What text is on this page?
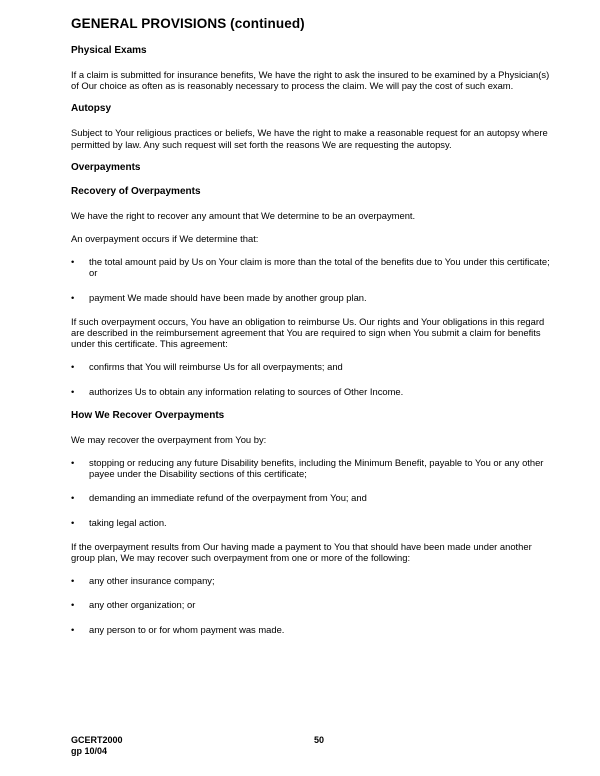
GENERAL PROVISIONS (continued)
Physical Exams

If a claim is submitted for insurance benefits, We have the right to ask the insured to be examined by a Physician(s) of Our choice as often as is reasonably necessary to process the claim. We will pay the cost of such exam.

Autopsy

Subject to Your religious practices or beliefs, We have the right to make a reasonable request for an autopsy where permitted by law. Any such request will set forth the reasons We are requesting the autopsy.

Overpayments
Recovery of Overpayments

We have the right to recover any amount that We determine to be an overpayment.

An overpayment occurs if We determine that:

• the total amount paid by Us on Your claim is more than the total of the benefits due to You under this certificate; or
• payment We made should have been made by another group plan.

If such overpayment occurs, You have an obligation to reimburse Us. Our rights and Your obligations in this regard are described in the reimbursement agreement that You are required to sign when You submit a claim for benefits under this certificate. This agreement:

• confirms that You will reimburse Us for all overpayments; and
• authorizes Us to obtain any information relating to sources of Other Income.
How We Recover Overpayments

We may recover the overpayment from You by:

• stopping or reducing any future Disability benefits, including the Minimum Benefit, payable to You or any other payee under the Disability sections of this certificate;
• demanding an immediate refund of the overpayment from You; and
• taking legal action.

If the overpayment results from Our having made a payment to You that should have been made under another group plan, We may recover such overpayment from one or more of the following:

• any other insurance company;
• any other organization; or
• any person to or for whom payment was made.
GCERT2000
gp 10/04
50
